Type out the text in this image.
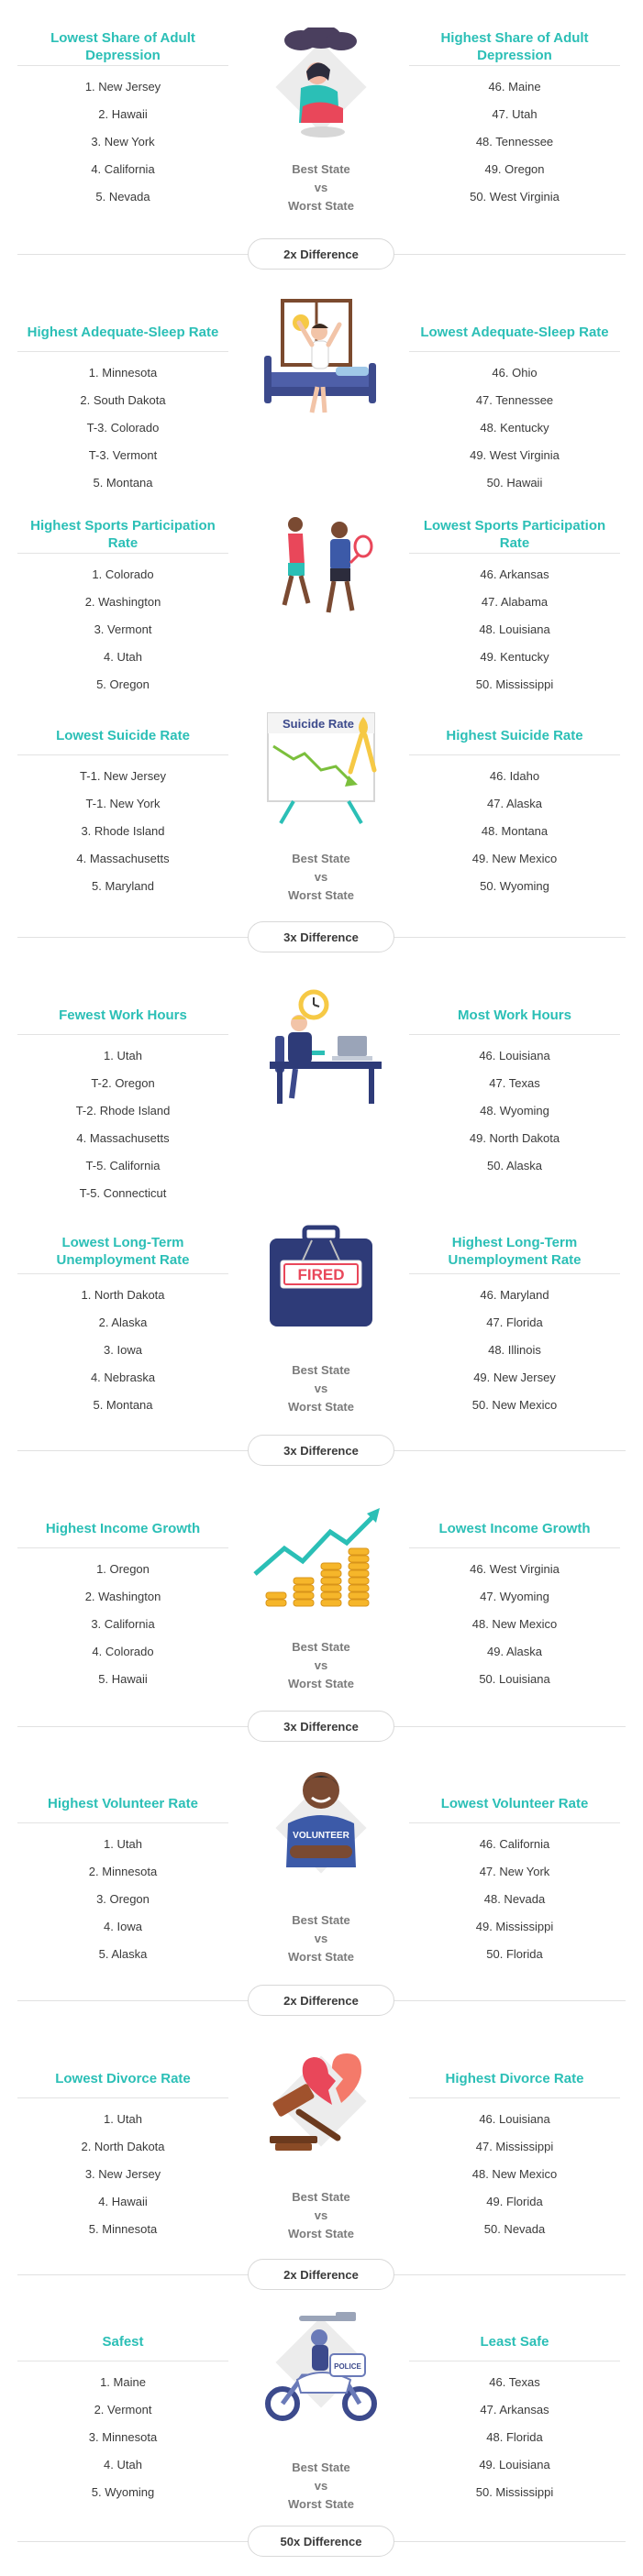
Lowest Share of Adult Depression
1. New Jersey
2. Hawaii
3. New York
4. California
5. Nevada
Best State
vs
Worst State
Highest Share of Adult Depression
46. Maine
47. Utah
48. Tennessee
49. Oregon
50. West Virginia
2x Difference
Highest Adequate-Sleep Rate
1. Minnesota
2. South Dakota
T-3. Colorado
T-3. Vermont
5. Montana
Lowest Adequate-Sleep Rate
46. Ohio
47. Tennessee
48. Kentucky
49. West Virginia
50. Hawaii
Highest Sports Participation Rate
1. Colorado
2. Washington
3. Vermont
4. Utah
5. Oregon
Lowest Sports Participation Rate
46. Arkansas
47. Alabama
48. Louisiana
49. Kentucky
50. Mississippi
Lowest Suicide Rate
T-1. New Jersey
T-1. New York
3. Rhode Island
4. Massachusetts
5. Maryland
Suicide Rate
Best State
vs
Worst State
Highest Suicide Rate
46. Idaho
47. Alaska
48. Montana
49. New Mexico
50. Wyoming
3x Difference
Fewest Work Hours
1. Utah
T-2. Oregon
T-2. Rhode Island
4. Massachusetts
T-5. California
T-5. Connecticut
Most Work Hours
46. Louisiana
47. Texas
48. Wyoming
49. North Dakota
50. Alaska
Lowest Long-Term Unemployment Rate
1. North Dakota
2. Alaska
3. Iowa
4. Nebraska
5. Montana
FIRED
Best State
vs
Worst State
Highest Long-Term Unemployment Rate
46. Maryland
47. Florida
48. Illinois
49. New Jersey
50. New Mexico
3x Difference
Highest Income Growth
1. Oregon
2. Washington
3. California
4. Colorado
5. Hawaii
Best State
vs
Worst State
Lowest Income Growth
46. West Virginia
47. Wyoming
48. New Mexico
49. Alaska
50. Louisiana
3x Difference
Highest Volunteer Rate
1. Utah
2. Minnesota
3. Oregon
4. Iowa
5. Alaska
VOLUNTEER
Best State
vs
Worst State
Lowest Volunteer Rate
46. California
47. New York
48. Nevada
49. Mississippi
50. Florida
2x Difference
Lowest Divorce Rate
1. Utah
2. North Dakota
3. New Jersey
4. Hawaii
5. Minnesota
Best State
vs
Worst State
Highest Divorce Rate
46. Louisiana
47. Mississippi
48. New Mexico
49. Florida
50. Nevada
2x Difference
Safest
1. Maine
2. Vermont
3. Minnesota
4. Utah
5. Wyoming
POLICE
Best State
vs
Worst State
Least Safe
46. Texas
47. Arkansas
48. Florida
49. Louisiana
50. Mississippi
50x Difference
